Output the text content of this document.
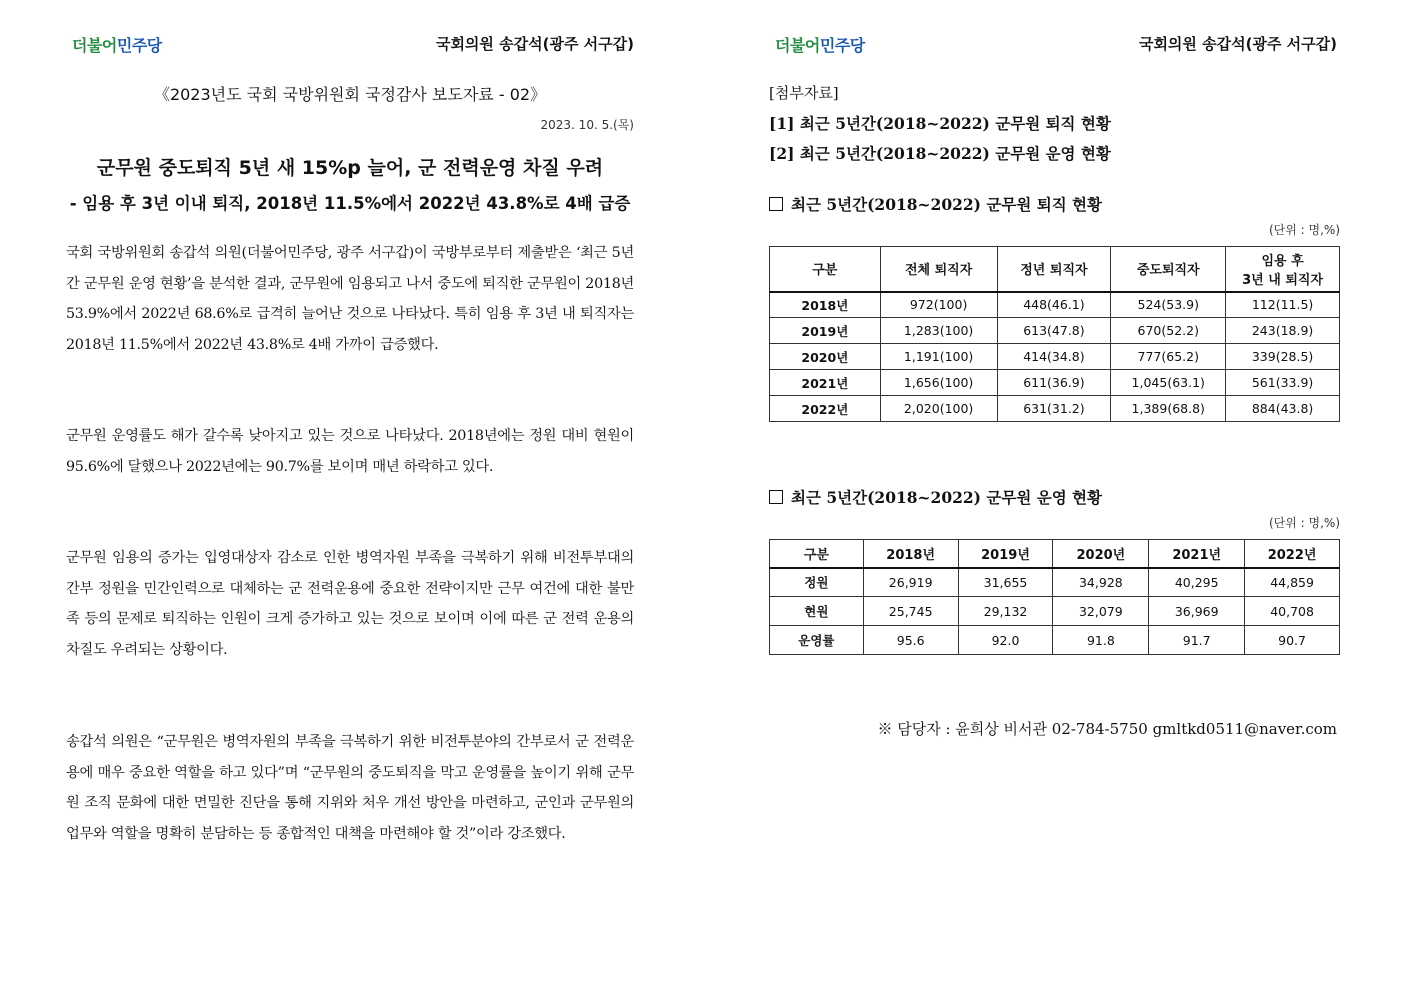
더불어민주당	국회의원 송갑석(광주 서구갑)
《2023년도 국회 국방위원회 국정감사 보도자료 - 02》
2023. 10. 5.(목)
군무원 중도퇴직 5년 새 15%p 늘어, 군 전력운영 차질 우려
- 임용 후 3년 이내 퇴직, 2018년 11.5%에서 2022년 43.8%로 4배 급증
국회 국방위원회 송갑석 의원(더불어민주당, 광주 서구갑)이 국방부로부터 제출받은 ‘최근 5년간 군무원 운영 현황’을 분석한 결과, 군무원에 임용되고 나서 중도에 퇴직한 군무원이 2018년 53.9%에서 2022년 68.6%로 급격히 늘어난 것으로 나타났다. 특히 임용 후 3년 내 퇴직자는 2018년 11.5%에서 2022년 43.8%로 4배 가까이 급증했다.
군무원 운영률도 해가 갈수록 낮아지고 있는 것으로 나타났다. 2018년에는 정원 대비 현원이 95.6%에 달했으나 2022년에는 90.7%를 보이며 매년 하락하고 있다.
군무원 임용의 증가는 입영대상자 감소로 인한 병역자원 부족을 극복하기 위해 비전투부대의 간부 정원을 민간인력으로 대체하는 군 전력운용에 중요한 전략이지만 근무 여건에 대한 불만족 등의 문제로 퇴직하는 인원이 크게 증가하고 있는 것으로 보이며 이에 따른 군 전력 운용의 차질도 우려되는 상황이다.
송갑석 의원은 “군무원은 병역자원의 부족을 극복하기 위한 비전투분야의 간부로서 군 전력운용에 매우 중요한 역할을 하고 있다”며 “군무원의 중도퇴직을 막고 운영률을 높이기 위해 군무원 조직 문화에 대한 면밀한 진단을 통해 지위와 처우 개선 방안을 마련하고, 군인과 군무원의 업무와 역할을 명확히 분담하는 등 종합적인 대책을 마련해야 할 것”이라 강조했다.
더불어민주당	국회의원 송갑석(광주 서구갑)
[첨부자료]
[1] 최근 5년간(2018~2022) 군무원 퇴직 현황
[2] 최근 5년간(2018~2022) 군무원 운영 현황
최근 5년간(2018~2022) 군무원 퇴직 현황
(단위 : 명,%)
구분	전체 퇴직자	정년 퇴직자	중도퇴직자	임용 후
3년 내 퇴직자

2018년	972(100)	448(46.1)	524(53.9)	112(11.5)
2019년	1,283(100)	613(47.8)	670(52.2)	243(18.9)
2020년	1,191(100)	414(34.8)	777(65.2)	339(28.5)
2021년	1,656(100)	611(36.9)	1,045(63.1)	561(33.9)
2022년	2,020(100)	631(31.2)	1,389(68.8)	884(43.8)
최근 5년간(2018~2022) 군무원 운영 현황
(단위 : 명,%)
구분	2018년	2019년	2020년	2021년	2022년
정원	26,919	31,655	34,928	40,295	44,859
현원	25,745	29,132	32,079	36,969	40,708
운영률	95.6	92.0	91.8	91.7	90.7
※ 담당자 : 윤희상 비서관 02-784-5750 gmltkd0511@naver.com
